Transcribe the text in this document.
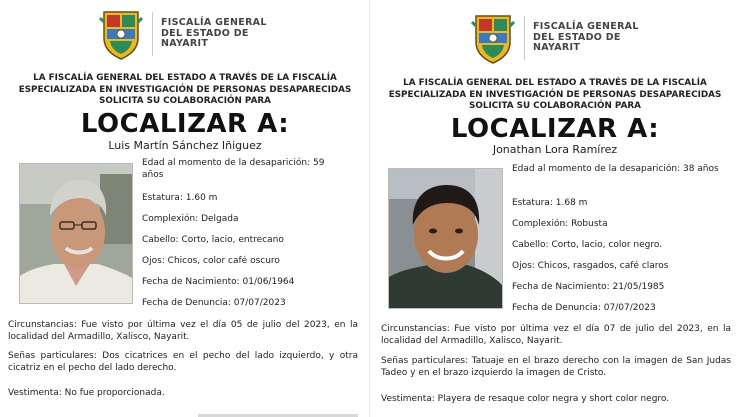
FISCALÍA GENERAL
DEL ESTADO DE
NAYARIT
LA FISCALÍA GENERAL DEL ESTADO A TRAVÉS DE LA FISCALÍA
ESPECIALIZADA EN INVESTIGACIÓN DE PERSONAS DESAPARECIDAS
SOLICITA SU COLABORACIÓN PARA
LOCALIZAR A:
Luis Martín Sánchez Iñiguez
Edad al momento de la desaparición: 59
años
Estatura: 1.60 m
Complexión: Delgada
Cabello: Corto, lacio, entrecano
Ojos: Chicos, color café oscuro
Fecha de Nacimiento: 01/06/1964
Fecha de Denuncia: 07/07/2023
Circunstancias: Fue visto por última vez el día 05 de julio del 2023, en la localidad del Armadillo, Xalisco, Nayarit.
Señas particulares: Dos cicatrices en el pecho del lado izquierdo, y otra cicatriz en el pecho del lado derecho.
Vestimenta: No fue proporcionada.
FISCALÍA GENERAL
DEL ESTADO DE
NAYARIT
LA FISCALÍA GENERAL DEL ESTADO A TRAVÉS DE LA FISCALÍA
ESPECIALIZADA EN INVESTIGACIÓN DE PERSONAS DESAPARECIDAS
SOLICITA SU COLABORACIÓN PARA
LOCALIZAR A:
Jonathan Lora Ramírez
Edad al momento de la desaparición: 38 años
Estatura: 1.68 m
Complexión: Robusta
Cabello: Corto, lacio, color negro.
Ojos: Chicos, rasgados, café claros
Fecha de Nacimiento: 21/05/1985
Fecha de Denuncia: 07/07/2023
Circunstancias: Fue visto por última vez el día 07 de julio del 2023, en la localidad del Armadillo, Xalisco, Nayarit.
Señas particulares: Tatuaje en el brazo derecho con la imagen de San Judas Tadeo y en el brazo izquierdo la imagen de Cristo.
Vestimenta: Playera de resaque color negra y short color negro.
